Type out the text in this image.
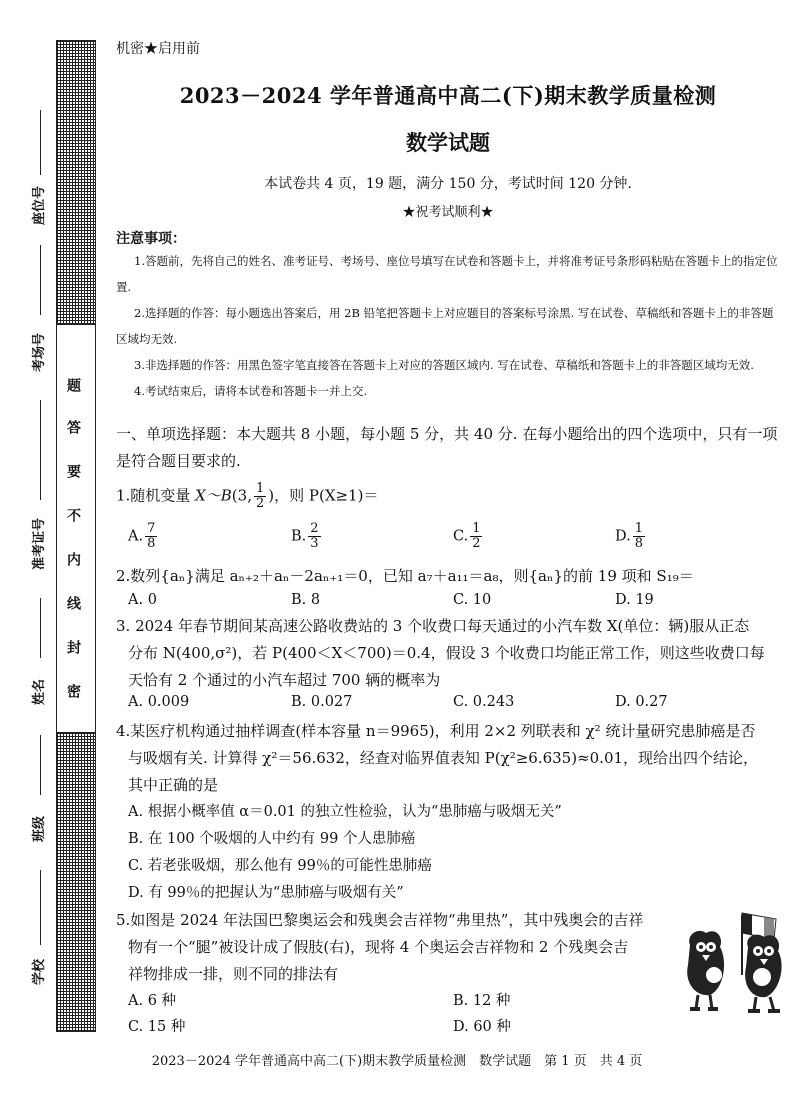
题
答
要
不
内
线
封
密
座位号
考场号
准考证号
姓名
班级
学校
机密★启用前
2023－2024 学年普通高中高二(下)期末教学质量检测
数学试题
本试卷共 4 页，19 题，满分 150 分，考试时间 120 分钟.
★祝考试顺利★
注意事项：

1.答题前，先将自己的姓名、准考证号、考场号、座位号填写在试卷和答题卡上，并将准考证号条形码粘贴在答题卡上的指定位置.

2.选择题的作答：每小题选出答案后，用 2B 铅笔把答题卡上对应题目的答案标号涂黑. 写在试卷、草稿纸和答题卡上的非答题区域均无效.

3.非选择题的作答：用黑色签字笔直接答在答题卡上对应的答题区域内. 写在试卷、草稿纸和答题卡上的非答题区域均无效.

4.考试结束后，请将本试卷和答题卡一并上交.

一、单项选择题：本大题共 8 小题，每小题 5 分，共 40 分. 在每小题给出的四个选项中，只有一项是符合题目要求的.
1.随机变量 X～B(3, $\frac{1}{2}$ )，则 P(X≥1)＝
A. $\frac{7}{8}$	B. $\frac{2}{3}$	C. $\frac{1}{2}$	D. $\frac{1}{8}$
2.数列{aₙ}满足 aₙ₊₂＋aₙ－2aₙ₊₁＝0，已知 a₇＋a₁₁＝a₈，则{aₙ}的前 19 项和 S₁₉＝
A. 0	B. 8	C. 10	D. 19
3. 2024 年春节期间某高速公路收费站的 3 个收费口每天通过的小汽车数 X(单位：辆)服从正态
分布 N(400,σ²)，若 P(400＜X＜700)＝0.4，假设 3 个收费口均能正常工作，则这些收费口每
天恰有 2 个通过的小汽车超过 700 辆的概率为
A. 0.009	B. 0.027	C. 0.243	D. 0.27
4.某医疗机构通过抽样调查(样本容量 n＝9965)，利用 2×2 列联表和 χ² 统计量研究患肺癌是否
与吸烟有关. 计算得 χ²＝56.632，经查对临界值表知 P(χ²≥6.635)≈0.01，现给出四个结论，
其中正确的是
A. 根据小概率值 α＝0.01 的独立性检验，认为“患肺癌与吸烟无关”
B. 在 100 个吸烟的人中约有 99 个人患肺癌
C. 若老张吸烟，那么他有 99％的可能性患肺癌
D. 有 99％的把握认为“患肺癌与吸烟有关”
5.如图是 2024 年法国巴黎奥运会和残奥会吉祥物“弗里热”，其中残奥会的吉祥
物有一个“腿”被设计成了假肢(右)，现将 4 个奥运会吉祥物和 2 个残奥会吉
祥物排成一排，则不同的排法有
A. 6 种	B. 12 种
C. 15 种	D. 60 种
2023－2024 学年普通高中高二(下)期末教学质量检测　数学试题　第 1 页　共 4 页
